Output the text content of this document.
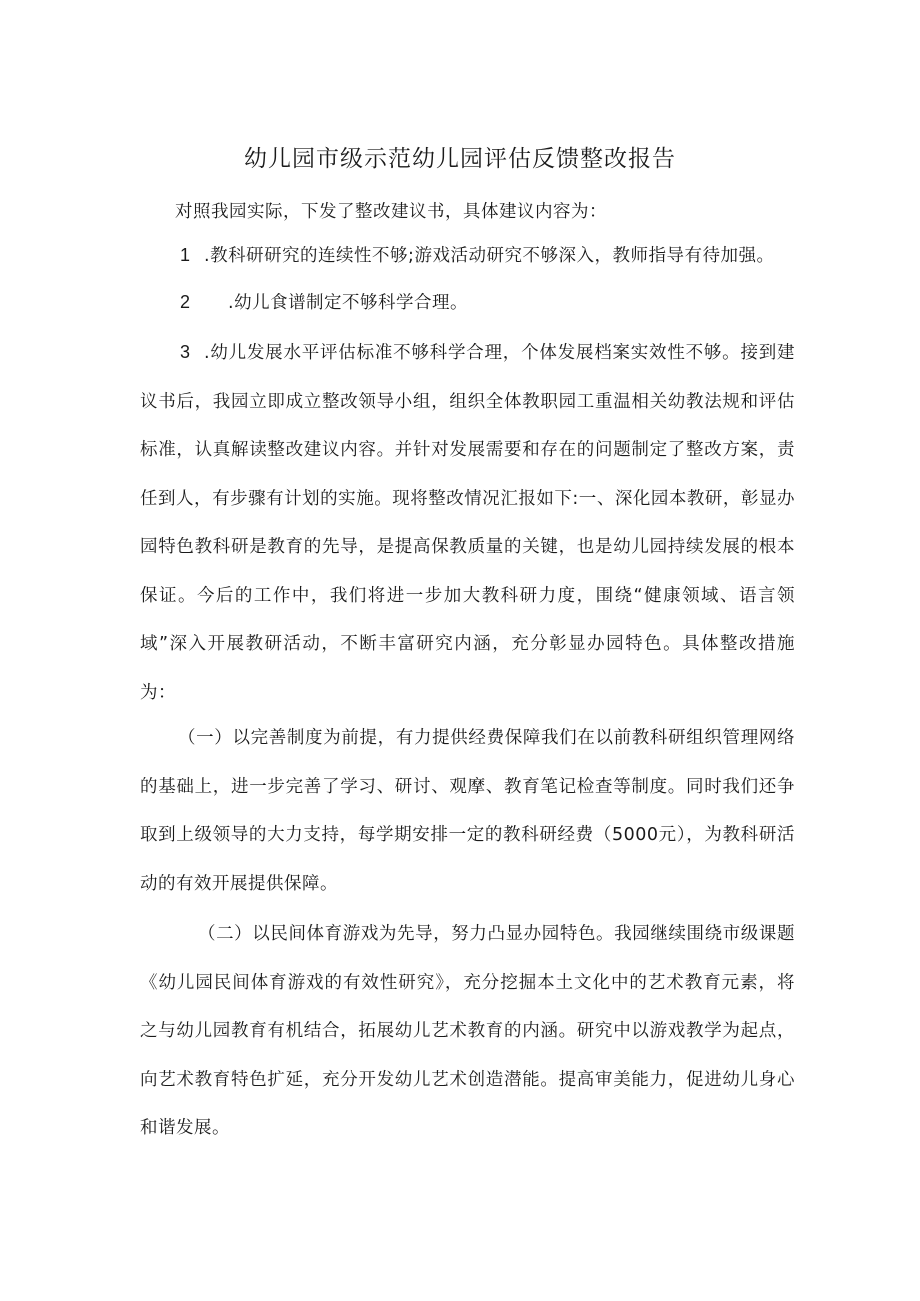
幼儿园市级示范幼儿园评估反馈整改报告

对照我园实际，下发了整改建议书，具体建议内容为：

1 .教科研研究的连续性不够;游戏活动研究不够深入，教师指导有待加强。

2 .幼儿食谱制定不够科学合理。

3 .幼儿发展水平评估标准不够科学合理，个体发展档案实效性不够。接到建议书后，我园立即成立整改领导小组，组织全体教职园工重温相关幼教法规和评估标准，认真解读整改建议内容。并针对发展需要和存在的问题制定了整改方案，责任到人，有步骤有计划的实施。现将整改情况汇报如下:一、深化园本教研，彰显办园特色教科研是教育的先导，是提高保教质量的关键，也是幼儿园持续发展的根本保证。今后的工作中，我们将进一步加大教科研力度，围绕“健康领域、语言领域”深入开展教研活动，不断丰富研究内涵，充分彰显办园特色。具体整改措施为：

（一）以完善制度为前提，有力提供经费保障我们在以前教科研组织管理网络的基础上，进一步完善了学习、研讨、观摩、教育笔记检查等制度。同时我们还争取到上级领导的大力支持，每学期安排一定的教科研经费（5000元），为教科研活动的有效开展提供保障。

（二）以民间体育游戏为先导，努力凸显办园特色。我园继续围绕市级课题《幼儿园民间体育游戏的有效性研究》，充分挖掘本土文化中的艺术教育元素，将之与幼儿园教育有机结合，拓展幼儿艺术教育的内涵。研究中以游戏教学为起点，向艺术教育特色扩延，充分开发幼儿艺术创造潜能。提高审美能力，促进幼儿身心和谐发展。
